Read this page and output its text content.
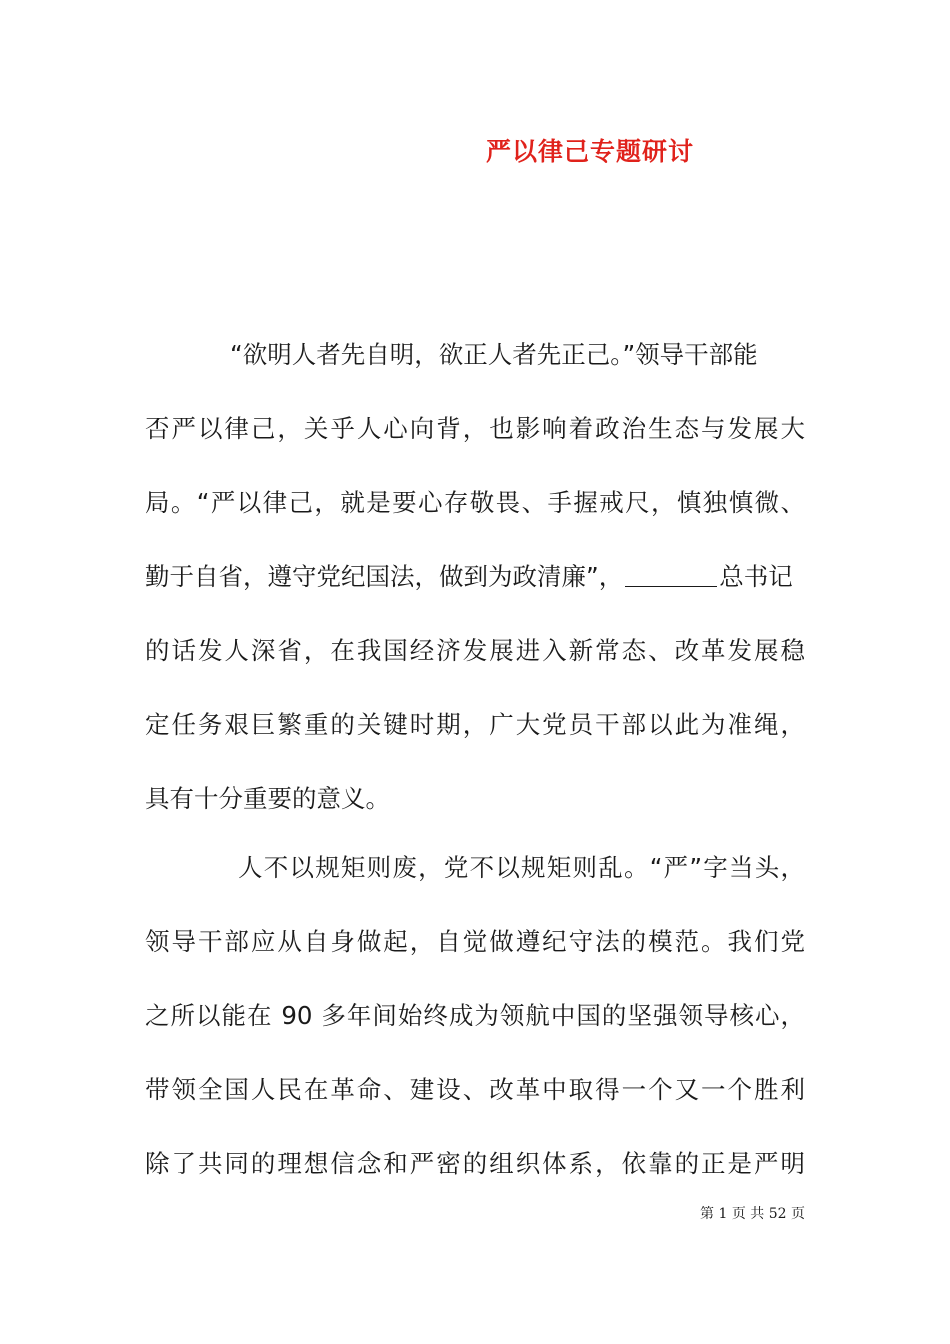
严以律己专题研讨
“欲明人者先自明，欲正人者先正己。”领导干部能
否严以律己，关乎人心向背，也影响着政治生态与发展大
局。“严以律己，就是要心存敬畏、手握戒尺，慎独慎微、
勤于自省，遵守党纪国法，做到为政清廉”，	总书记
的话发人深省，在我国经济发展进入新常态、改革发展稳
定任务艰巨繁重的关键时期，广大党员干部以此为准绳，
具有十分重要的意义。
人不以规矩则废，党不以规矩则乱。“严”字当头，
领导干部应从自身做起，自觉做遵纪守法的模范。我们党
之所以能在 90 多年间始终成为领航中国的坚强领导核心，
带领全国人民在革命、建设、改革中取得一个又一个胜利
除了共同的理想信念和严密的组织体系，依靠的正是严明
第 1 页 共 52 页
